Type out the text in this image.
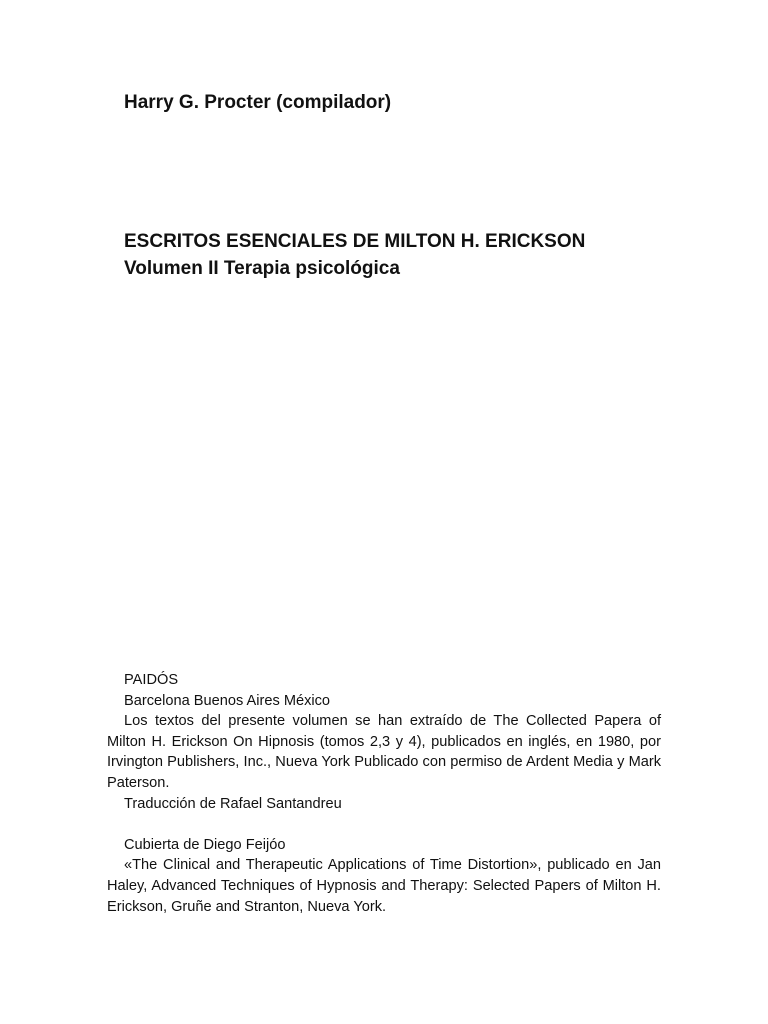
Harry G. Procter (compilador)
ESCRITOS ESENCIALES DE MILTON H. ERICKSON
Volumen II Terapia psicológica

PAIDÓS

Barcelona Buenos Aires México

Los textos del presente volumen se han extraído de The Collected Papera of Milton H. Erickson On Hipnosis (tomos 2,3 y 4), publicados en inglés, en 1980, por Irvington Publishers, Inc., Nueva York Publicado con permiso de Ardent Media y Mark Paterson.

Traducción de Rafael Santandreu

Cubierta de Diego Feijóo

«The Clinical and Therapeutic Applications of Time Distortion», publicado en Jan Haley, Advanced Techniques of Hypnosis and Therapy: Selected Papers of Milton H. Erickson, Gruñe and Stranton, Nueva York.
